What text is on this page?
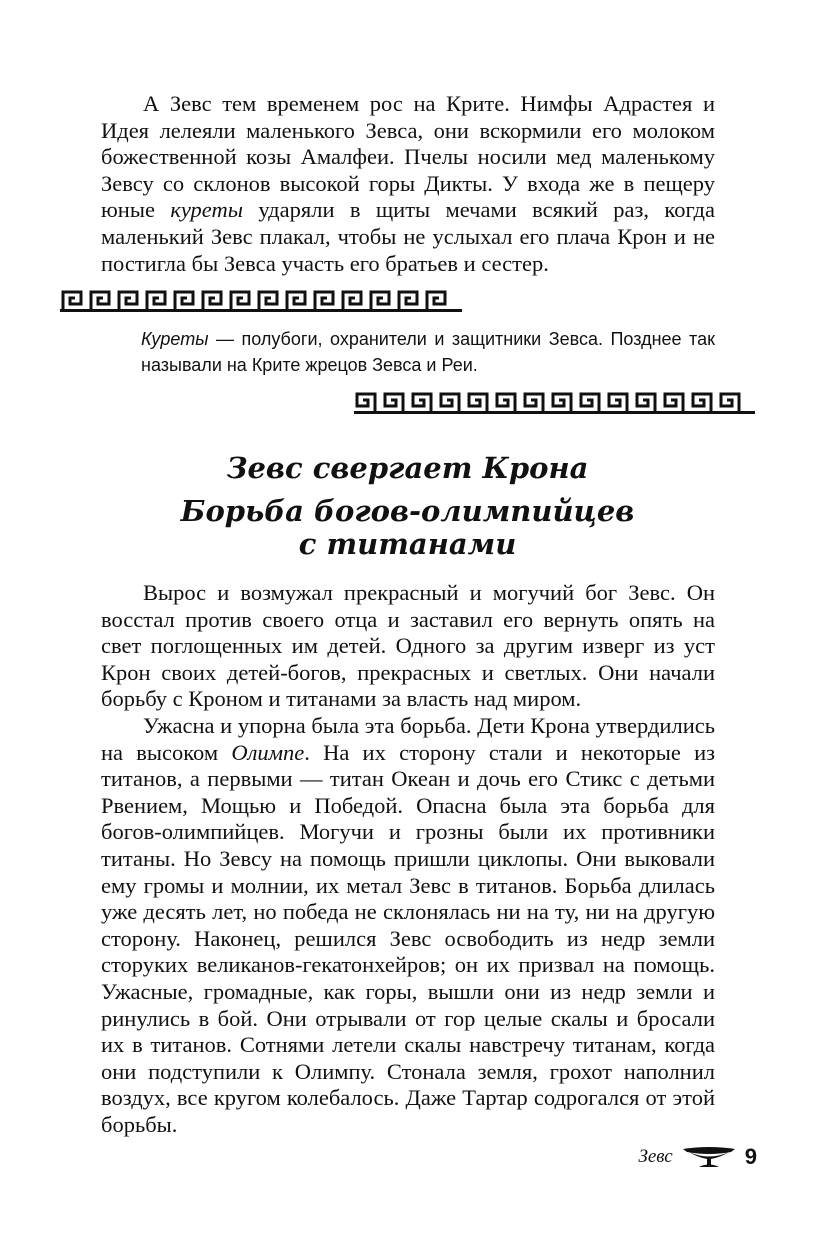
А Зевс тем временем рос на Крите. Нимфы Адрастея и Идея лелеяли маленького Зевса, они вскормили его молоком божественной козы Амалфеи. Пчелы носили мед маленькому Зевсу со склонов высокой горы Дикты. У входа же в пещеру юные куреты ударяли в щиты мечами всякий раз, когда маленький Зевс плакал, чтобы не услыхал его плача Крон и не постигла бы Зевса участь его братьев и сестер.

Куреты — полубоги, охранители и защитники Зевса. Позднее так называли на Крите жрецов Зевса и Реи.

Зевс свергает Крона
Борьба богов-олимпийцев
с титанами

Вырос и возмужал прекрасный и могучий бог Зевс. Он восстал против своего отца и заставил его вернуть опять на свет поглощенных им детей. Одного за другим изверг из уст Крон своих детей-богов, прекрасных и светлых. Они начали борьбу с Кроном и титанами за власть над миром.

Ужасна и упорна была эта борьба. Дети Крона утвердились на высоком Олимпе. На их сторону стали и некоторые из титанов, а первыми — титан Океан и дочь его Стикс с детьми Рвением, Мощью и Победой. Опасна была эта борьба для богов-олимпийцев. Могучи и грозны были их противники титаны. Но Зевсу на помощь пришли циклопы. Они выковали ему громы и молнии, их метал Зевс в титанов. Борьба длилась уже десять лет, но победа не склонялась ни на ту, ни на другую сторону. Наконец, решился Зевс освободить из недр земли сторуких великанов-гекатонхейров; он их призвал на помощь. Ужасные, громадные, как горы, вышли они из недр земли и ринулись в бой. Они отрывали от гор целые скалы и бросали их в титанов. Сотнями летели скалы навстречу титанам, когда они подступили к Олимпу. Стонала земля, грохот наполнил воздух, все кругом колебалось. Даже Тартар содрогался от этой борьбы.

Зевс	9
